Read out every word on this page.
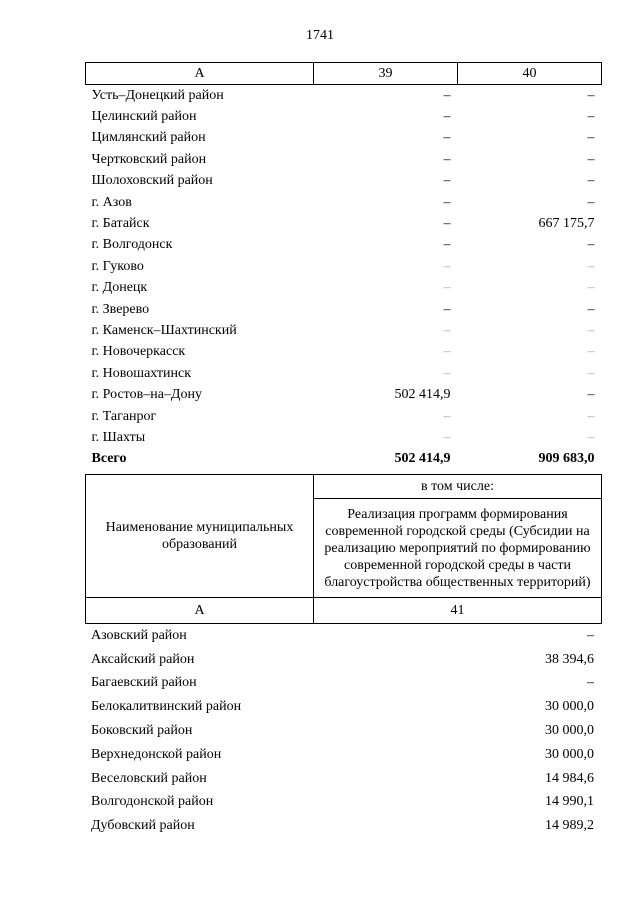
1741
А	39	40
Усть–Донецкий район	–	–
Целинский район	–	–
Цимлянский район	–	–
Чертковский район	–	–
Шолоховский район	–	–
г. Азов	–	–
г. Батайск	–	667 175,7
г. Волгодонск	–	–
г. Гуково	–	–
г. Донецк	–	–
г. Зверево	–	–
г. Каменск–Шахтинский	–	–
г. Новочеркасск	–	–
г. Новошахтинск	–	–
г. Ростов–на–Дону	502 414,9	–
г. Таганрог	–	–
г. Шахты	–	–
Всего	502 414,9	909 683,0
Наименование муниципальных образований	в том числе:
	Реализация программ формирования современной городской среды (Субсидии на реализацию мероприятий по формированию современной городской среды в части благоустройства общественных территорий)
А	41
Азовский район	–
Аксайский район	38 394,6
Багаевский район	–
Белокалитвинский район	30 000,0
Боковский район	30 000,0
Верхнедонской район	30 000,0
Веселовский район	14 984,6
Волгодонской район	14 990,1
Дубовский район	14 989,2
